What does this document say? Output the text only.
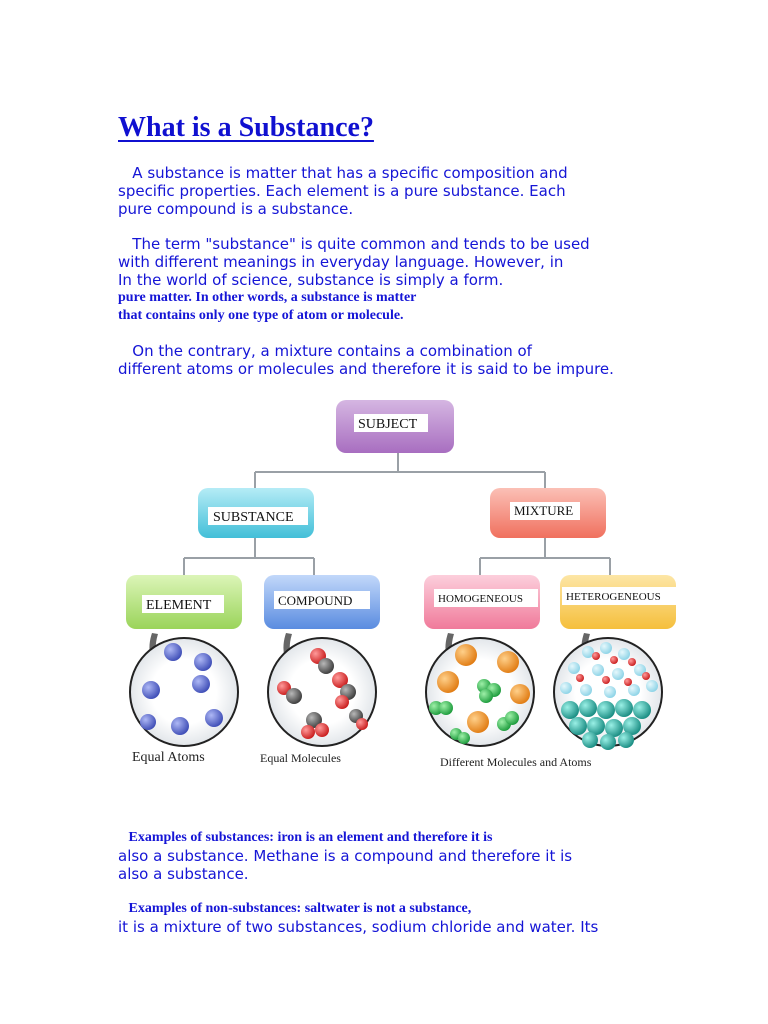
What is a Substance?
A substance is matter that has a specific composition and
specific properties. Each element is a pure substance. Each
pure compound is a substance.
The term "substance" is quite common and tends to be used
with different meanings in everyday language. However, in
In the world of science, substance is simply a form.
pure matter. In other words, a substance is matter
that contains only one type of atom or molecule.
On the contrary, a mixture contains a combination of
different atoms or molecules and therefore it is said to be impure.
SUBJECT
SUBSTANCE	MIXTURE
ELEMENT	COMPOUND	HOMOGENEOUS	HETEROGENEOUS
Equal Atoms	Equal Molecules	Different Molecules and Atoms
Examples of substances: iron is an element and therefore it is
also a substance. Methane is a compound and therefore it is
also a substance.
Examples of non-substances: saltwater is not a substance,
it is a mixture of two substances, sodium chloride and water. Its
